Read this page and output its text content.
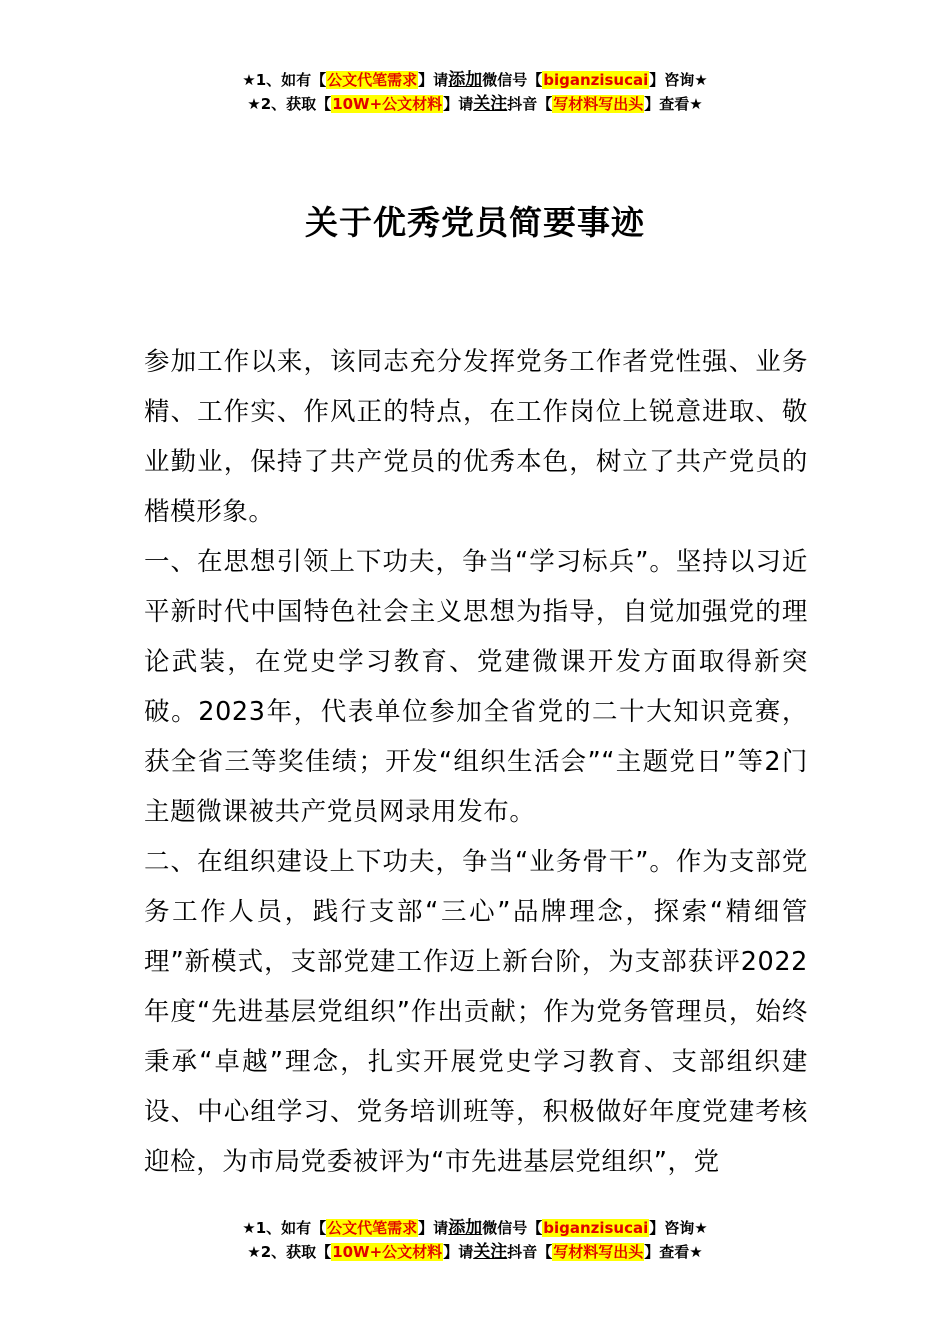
★1、如有【公文代笔需求】请添加微信号【biganzisucai】咨询★
★2、获取【10W+公文材料】请关注抖音【写材料写出头】查看★
关于优秀党员简要事迹

参加工作以来，该同志充分发挥党务工作者党性强、业务精、工作实、作风正的特点，在工作岗位上锐意进取、敬业勤业，保持了共产党员的优秀本色，树立了共产党员的楷模形象。

一、在思想引领上下功夫，争当“学习标兵”。坚持以习近平新时代中国特色社会主义思想为指导，自觉加强党的理论武装，在党史学习教育、党建微课开发方面取得新突破。2023年，代表单位参加全省党的二十大知识竞赛，获全省三等奖佳绩；开发“组织生活会”“主题党日”等2门主题微课被共产党员网录用发布。

二、在组织建设上下功夫，争当“业务骨干”。作为支部党务工作人员，践行支部“三心”品牌理念，探索“精细管理”新模式，支部党建工作迈上新台阶，为支部获评2022年度“先进基层党组织”作出贡献；作为党务管理员，始终秉承“卓越”理念，扎实开展党史学习教育、支部组织建设、中心组学习、党务培训班等，积极做好年度党建考核迎检，为市局党委被评为“市先进基层党组织”，党

★1、如有【公文代笔需求】请添加微信号【biganzisucai】咨询★
★2、获取【10W+公文材料】请关注抖音【写材料写出头】查看★
